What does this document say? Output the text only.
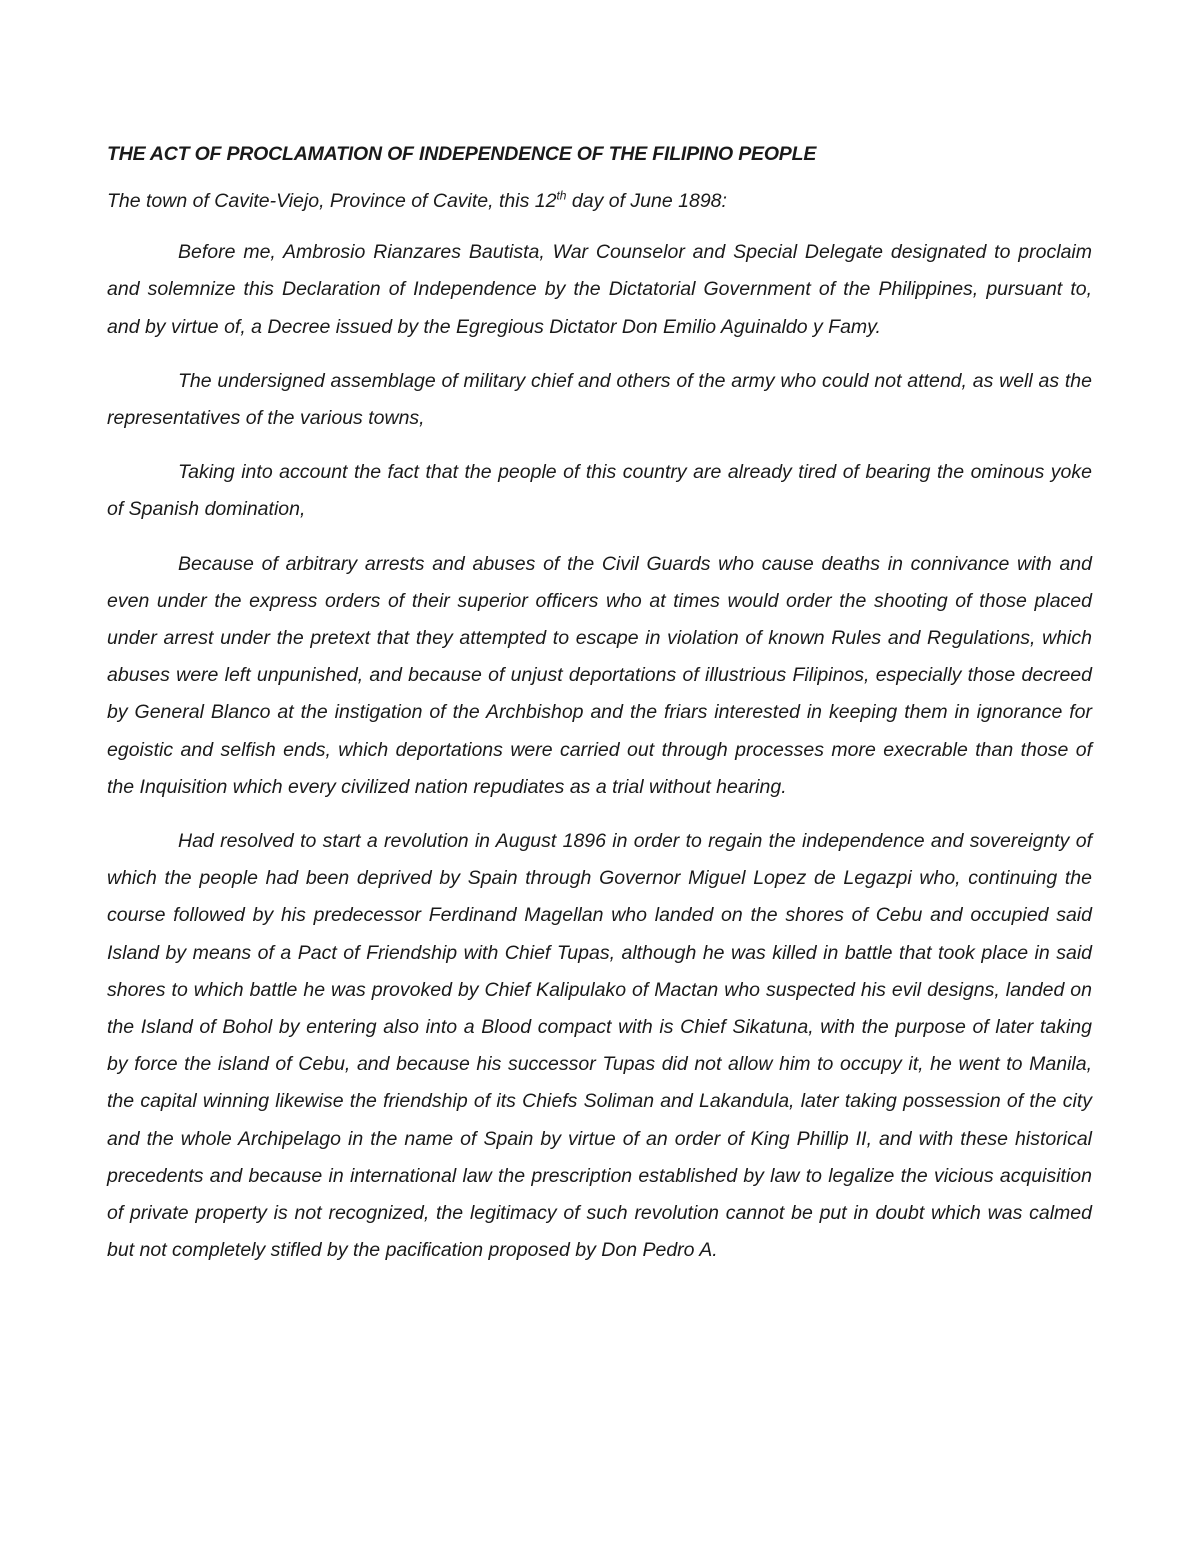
THE ACT OF PROCLAMATION OF INDEPENDENCE OF THE FILIPINO PEOPLE
The town of Cavite-Viejo, Province of Cavite, this 12th day of June 1898:

Before me, Ambrosio Rianzares Bautista, War Counselor and Special Delegate designated to proclaim and solemnize this Declaration of Independence by the Dictatorial Government of the Philippines, pursuant to, and by virtue of, a Decree issued by the Egregious Dictator Don Emilio Aguinaldo y Famy.

The undersigned assemblage of military chief and others of the army who could not attend, as well as the representatives of the various towns,

Taking into account the fact that the people of this country are already tired of bearing the ominous yoke of Spanish domination,

Because of arbitrary arrests and abuses of the Civil Guards who cause deaths in connivance with and even under the express orders of their superior officers who at times would order the shooting of those placed under arrest under the pretext that they attempted to escape in violation of known Rules and Regulations, which abuses were left unpunished, and because of unjust deportations of illustrious Filipinos, especially those decreed by General Blanco at the instigation of the Archbishop and the friars interested in keeping them in ignorance for egoistic and selfish ends, which deportations were carried out through processes more execrable than those of the Inquisition which every civilized nation repudiates as a trial without hearing.

Had resolved to start a revolution in August 1896 in order to regain the independence and sovereignty of which the people had been deprived by Spain through Governor Miguel Lopez de Legazpi who, continuing the course followed by his predecessor Ferdinand Magellan who landed on the shores of Cebu and occupied said Island by means of a Pact of Friendship with Chief Tupas, although he was killed in battle that took place in said shores to which battle he was provoked by Chief Kalipulako of Mactan who suspected his evil designs, landed on the Island of Bohol by entering also into a Blood compact with is Chief Sikatuna, with the purpose of later taking by force the island of Cebu, and because his successor Tupas did not allow him to occupy it, he went to Manila, the capital winning likewise the friendship of its Chiefs Soliman and Lakandula, later taking possession of the city and the whole Archipelago in the name of Spain by virtue of an order of King Phillip II, and with these historical precedents and because in international law the prescription established by law to legalize the vicious acquisition of private property is not recognized, the legitimacy of such revolution cannot be put in doubt which was calmed but not completely stifled by the pacification proposed by Don Pedro A.
